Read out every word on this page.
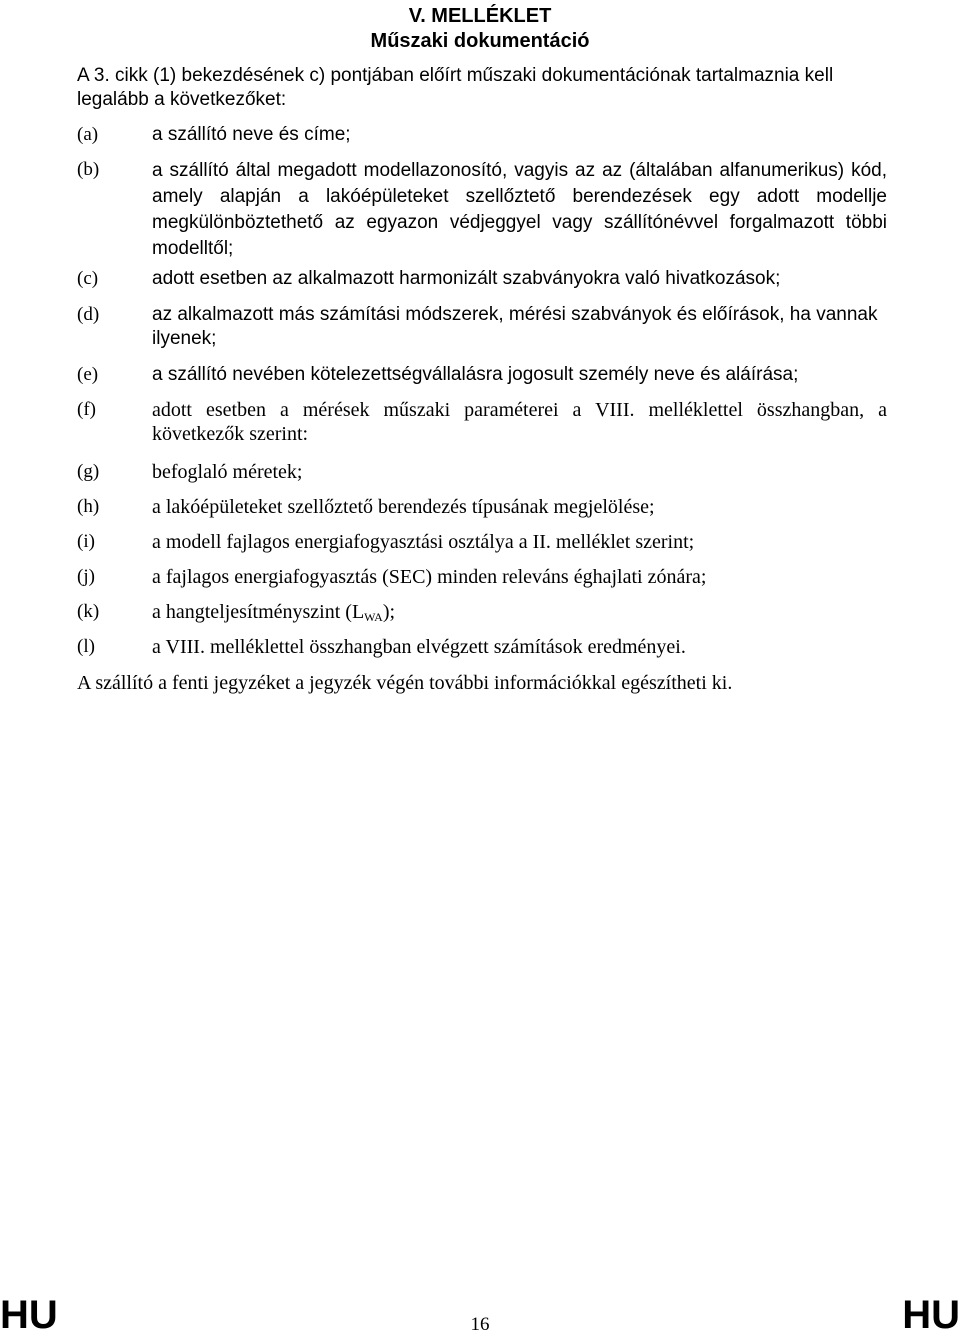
V. MELLÉKLET
Műszaki dokumentáció
A 3. cikk (1) bekezdésének c) pontjában előírt műszaki dokumentációnak tartalmaznia kell legalább a következőket:
(a)	a szállító neve és címe;
(b)	a szállító által megadott modellazonosító, vagyis az az (általában alfanumerikus) kód, amely alapján a lakóépületeket szellőztető berendezések egy adott modellje megkülönböztethető az egyazon védjeggyel vagy szállítónévvel forgalmazott többi modelltől;
(c)	adott esetben az alkalmazott harmonizált szabványokra való hivatkozások;
(d)	az alkalmazott más számítási módszerek, mérési szabványok és előírások, ha vannak ilyenek;
(e)	a szállító nevében kötelezettségvállalásra jogosult személy neve és aláírása;
(f)	adott esetben a mérések műszaki paraméterei a VIII. melléklettel összhangban, a következők szerint:
(g)	befoglaló méretek;
(h)	a lakóépületeket szellőztető berendezés típusának megjelölése;
(i)	a modell fajlagos energiafogyasztási osztálya a II. melléklet szerint;
(j)	a fajlagos energiafogyasztás (SEC) minden releváns éghajlati zónára;
(k)	a hangteljesítményszint $(L_{WA})$;
(l)	a VIII. melléklettel összhangban elvégzett számítások eredményei.
A szállító a fenti jegyzéket a jegyzék végén további információkkal egészítheti ki.
HU	16	HU
